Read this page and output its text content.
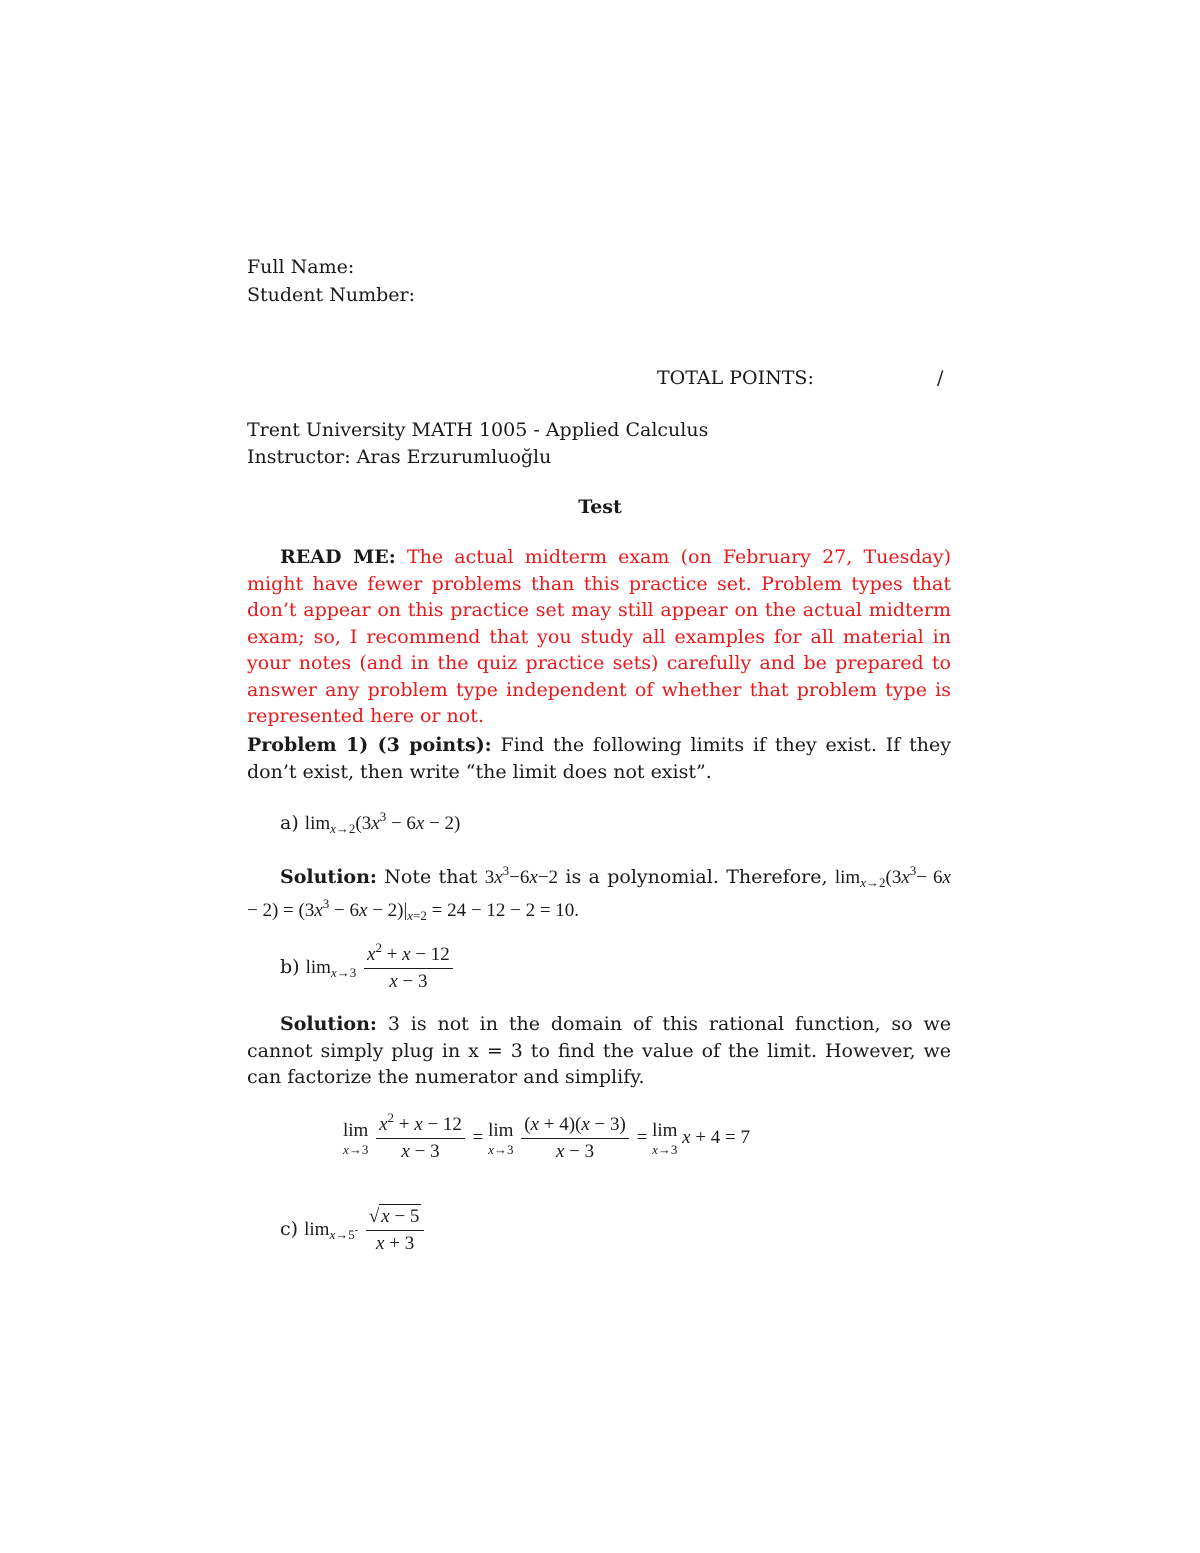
Full Name:
Student Number:
TOTAL POINTS:	/
Trent University MATH 1005 - Applied Calculus
Instructor: Aras Erzurumluoğlu
Test
READ ME: The actual midterm exam (on February 27, Tuesday) might have fewer problems than this practice set. Problem types that don’t appear on this practice set may still appear on the actual midterm exam; so, I recommend that you study all examples for all material in your notes (and in the quiz practice sets) carefully and be prepared to answer any problem type independent of whether that problem type is represented here or not.
Problem 1) (3 points): Find the following limits if they exist. If they don’t exist, then write “the limit does not exist”.
a) $\lim_{x\to 2}(3x^3 - 6x - 2)$
Solution: Note that $3x^3-6x-2$ is a polynomial. Therefore, $\lim_{x\to 2}(3x^3- 6x - 2) = (3x^3 - 6x - 2)|_{x=2} = 24 - 12 - 2 = 10$.
b) $\lim_{x\to 3} \frac{x^2 + x - 12}{x - 3}$
Solution: 3 is not in the domain of this rational function, so we cannot simply plug in x = 3 to find the value of the limit. However, we can factorize the numerator and simplify.
lim
x→3
$\frac{x^2 + x - 12}{x - 3} = \lim$
x→3
$\frac{(x + 4)(x - 3)}{x - 3} = \lim$
x→3
x + 4 = 7
c) $\lim_{x\to 5^-} \frac{√ x - 5}{x + 3}$
